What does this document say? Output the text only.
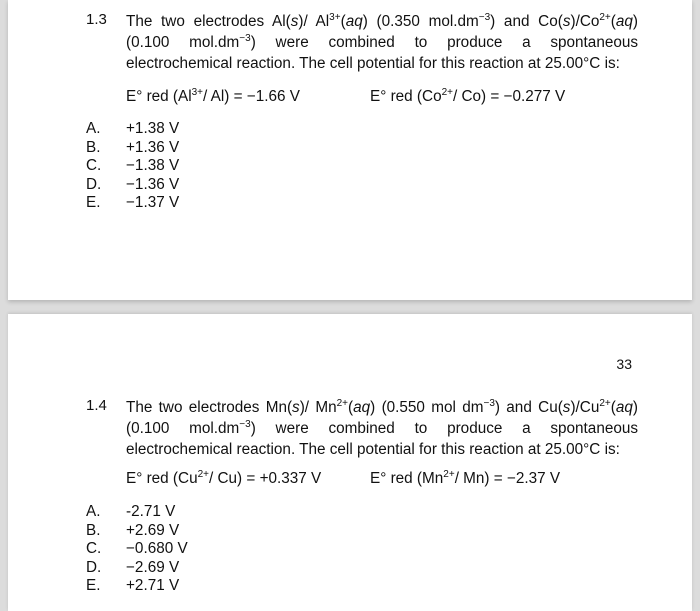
1.3 The two electrodes Al(s)/ $Al^{3+}(aq)$ (0.350 $mol.dm^{-3}$) and $Co(s)/Co^{2+}(aq)$ (0.100 $mol.dm^{-3}$) were combined to produce a spontaneous electrochemical reaction. The cell potential for this reaction at 25.00°C is:
E° red ($Al^{3+}/$ Al) = −1.66 V	E° red ($Co^{2+}/$ Co) = −0.277 V
A.	+1.38 V
B.	+1.36 V
C.	−1.38 V
D.	−1.36 V
E.	−1.37 V
33
1.4 The two electrodes Mn(s)/ $Mn^{2+}(aq)$ (0.550 mol $dm^{-3}$) and $Cu(s)/Cu^{2+}(aq)$ (0.100 $mol.dm^{-3}$) were combined to produce a spontaneous electrochemical reaction. The cell potential for this reaction at 25.00°C is:
E° red ($Cu^{2+}/$ Cu) = +0.337 V	E° red ($Mn^{2+}/$ Mn) = −2.37 V
A.	-2.71 V
B.	+2.69 V
C.	−0.680 V
D.	−2.69 V
E.	+2.71 V
